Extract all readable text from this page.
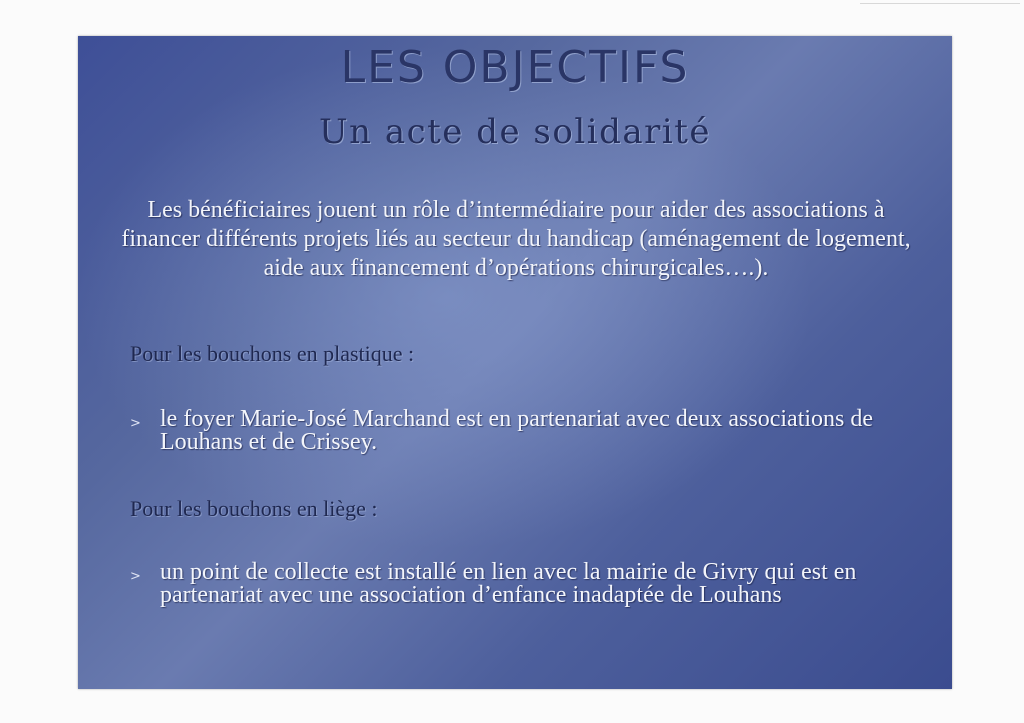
LES OBJECTIFS
Un acte de solidarité

Les bénéficiaires jouent un rôle d’intermédiaire pour aider des associations à financer différents projets liés au secteur du handicap (aménagement de logement, aide aux financement d’opérations chirurgicales….).

Pour les bouchons en plastique :

> le foyer Marie-José Marchand est en partenariat avec deux associations de Louhans et de Crissey.

Pour les bouchons en liège :

> un point de collecte est installé en lien avec la mairie de Givry qui est en partenariat avec une association d’enfance inadaptée de Louhans
